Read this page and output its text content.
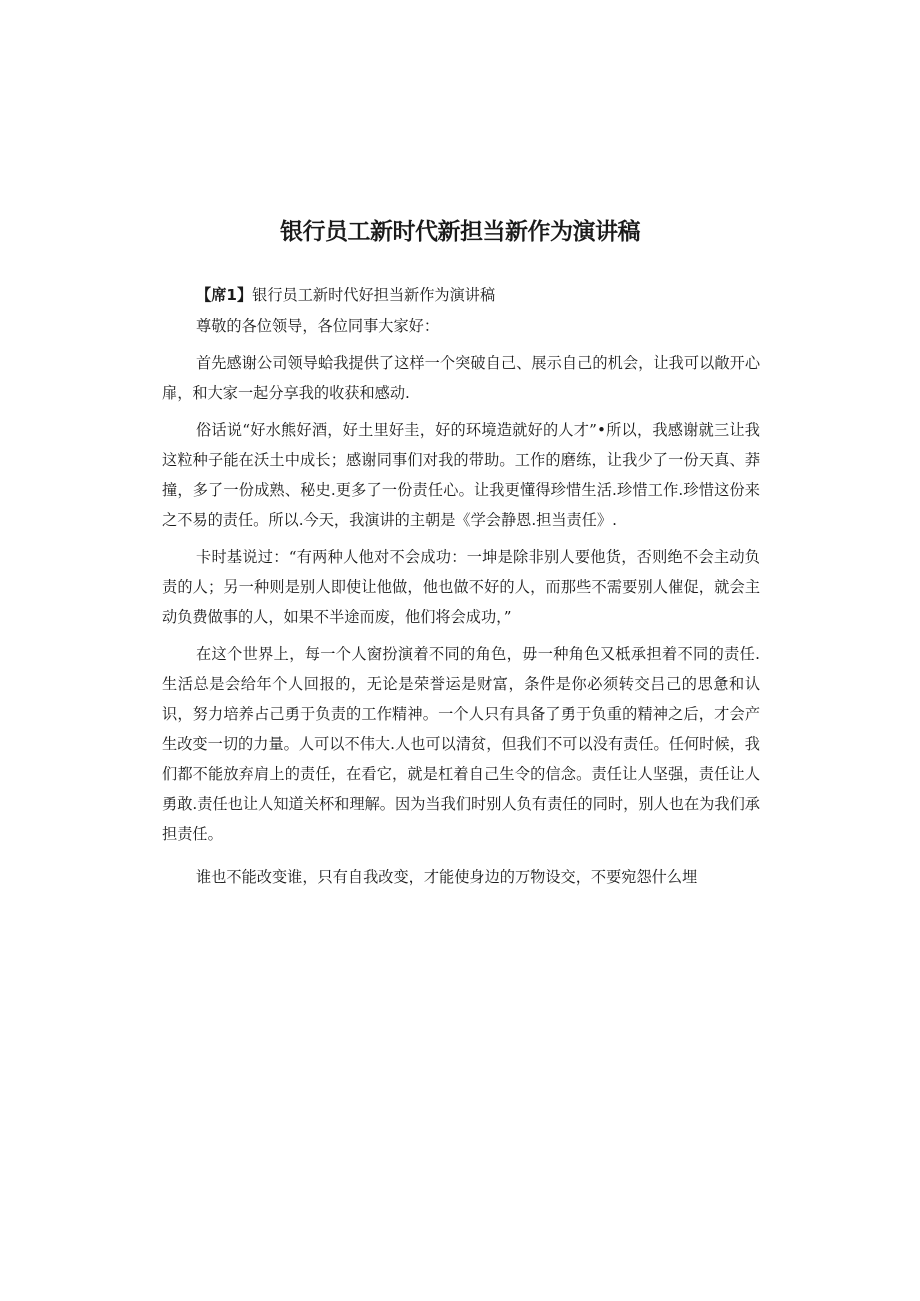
银行员工新时代新担当新作为演讲稿

【席1】银行员工新时代好担当新作为演讲稿

尊敬的各位领导，各位同事大家好：

首先感谢公司领导蛤我提供了这样一个突破自己、展示自己的机会，让我可以敞开心扉，和大家一起分享我的收获和感动.

俗话说“好水熊好酒，好土里好圭，好的环境造就好的人才”•所以，我感谢就三让我这粒种子能在沃土中成长；感谢同事们对我的带助。工作的磨练，让我少了一份天真、莽撞，多了一份成熟、秘史.更多了一份责任心。让我更懂得珍惜生活.珍惜工作.珍惜这份来之不易的责任。所以.今天，我演讲的主朝是《学会静恩.担当责任》.

卡时基说过：“有两种人他对不会成功：一坤是除非别人要他货，否则绝不会主动负责的人；另一种则是别人即使让他做，他也做不好的人，而那些不需要别人催促，就会主动负费做事的人，如果不半途而废，他们将会成功，”

在这个世界上，每一个人窗扮演着不同的角色，毋一种角色又柢承担着不同的责任.生活总是会给年个人回报的，无论是荣誉运是财富，条件是你必须转交吕己的思惫和认识，努力培养占己勇于负责的工作精神。一个人只有具备了勇于负重的精神之后，才会产生改变一切的力量。人可以不伟大.人也可以清贫，但我们不可以没有责任。任何时候，我们都不能放弃肩上的责任，在看它，就是杠着自己生令的信念。责任让人坚强，责任让人勇敢.责任也让人知道关杯和理解。因为当我们时别人负有责任的同时，别人也在为我们承担责任。

谁也不能改变谁，只有自我改变，才能使身边的万物设交，不要宛怨什么埋
